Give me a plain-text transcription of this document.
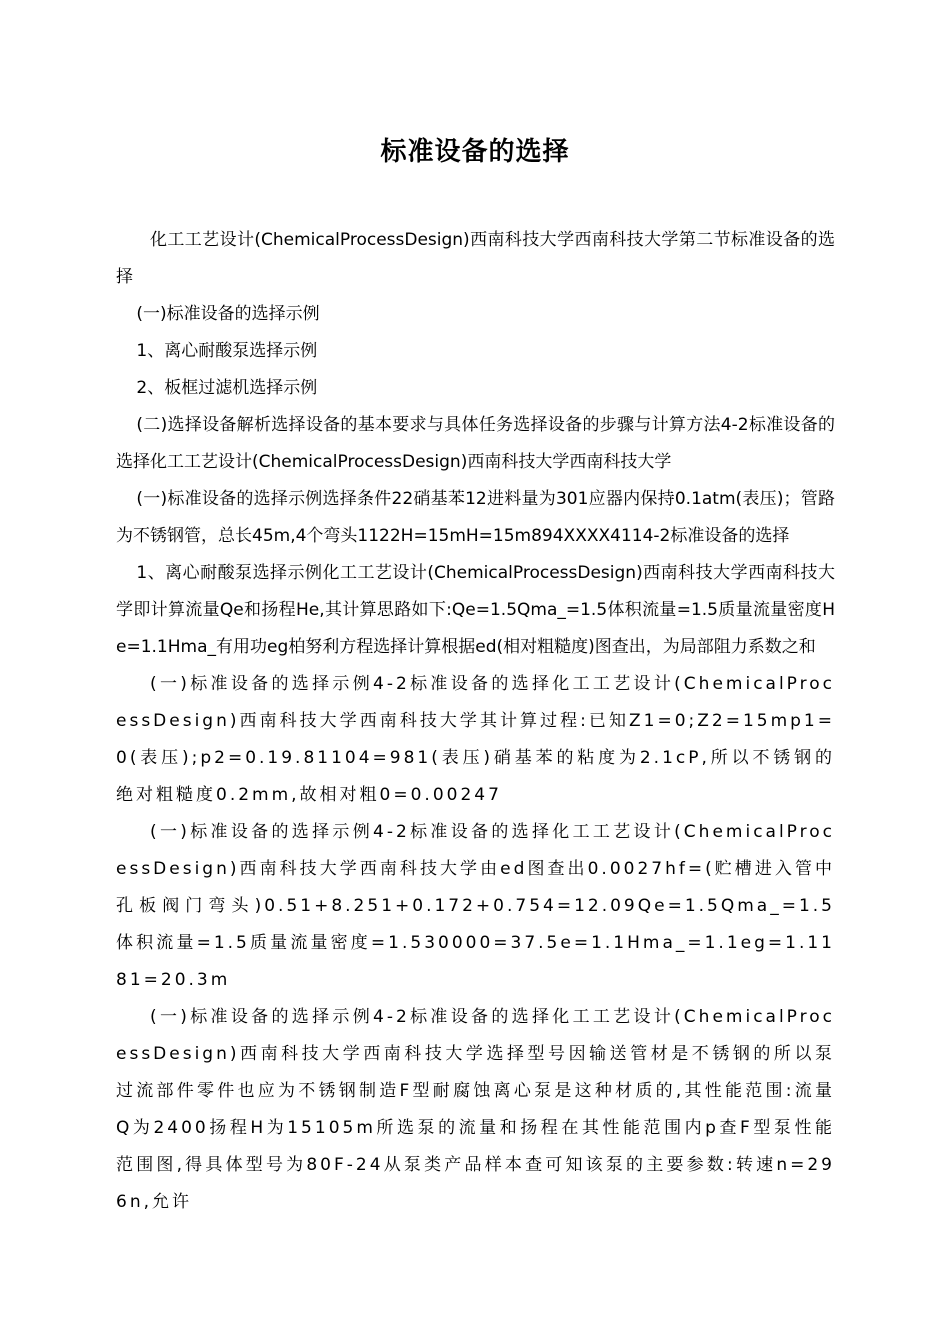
标准设备的选择

化工工艺设计(ChemicalProcessDesign)西南科技大学西南科技大学第二节标准设备的选择

(一)标准设备的选择示例

1、离心耐酸泵选择示例

2、板框过滤机选择示例

(二)选择设备解析选择设备的基本要求与具体任务选择设备的步骤与计算方法4-2标准设备的选择化工工艺设计(ChemicalProcessDesign)西南科技大学西南科技大学

(一)标准设备的选择示例选择条件22硝基苯12进料量为301应器内保持0.1atm(表压)；管路为不锈钢管，总长45m,4个弯头1122H=15mH=15m894XXXX4114-2标准设备的选择

1、离心耐酸泵选择示例化工工艺设计(ChemicalProcessDesign)西南科技大学西南科技大学即计算流量Qe和扬程He,其计算思路如下:Qe=1.5Qma_=1.5体积流量=1.5质量流量密度He=1.1Hma_有用功eg柏努利方程选择计算根据ed(相对粗糙度)图查出，为局部阻力系数之和

(一)标准设备的选择示例4-2标准设备的选择化工工艺设计(ChemicalProcessDesign)西南科技大学西南科技大学其计算过程:已知Z1=0;Z2=15mp1=0(表压);p2=0.19.81104=981(表压)硝基苯的粘度为2.1cP,所以不锈钢的绝对粗糙度0.2mm,故相对粗0=0.00247

(一)标准设备的选择示例4-2标准设备的选择化工工艺设计(ChemicalProcessDesign)西南科技大学西南科技大学由ed图查出0.0027hf=(贮槽进入管中孔板阀门弯头)0.51+8.251+0.172+0.754=12.09Qe=1.5Qma_=1.5体积流量=1.5质量流量密度=1.530000=37.5e=1.1Hma_=1.1eg=1.1181=20.3m

(一)标准设备的选择示例4-2标准设备的选择化工工艺设计(ChemicalProcessDesign)西南科技大学西南科技大学选择型号因输送管材是不锈钢的所以泵过流部件零件也应为不锈钢制造F型耐腐蚀离心泵是这种材质的,其性能范围:流量Q为2400扬程H为15105m所选泵的流量和扬程在其性能范围内p查F型泵性能范围图,得具体型号为80F-24从泵类产品样本查可知该泵的主要参数:转速n=296n,允许
